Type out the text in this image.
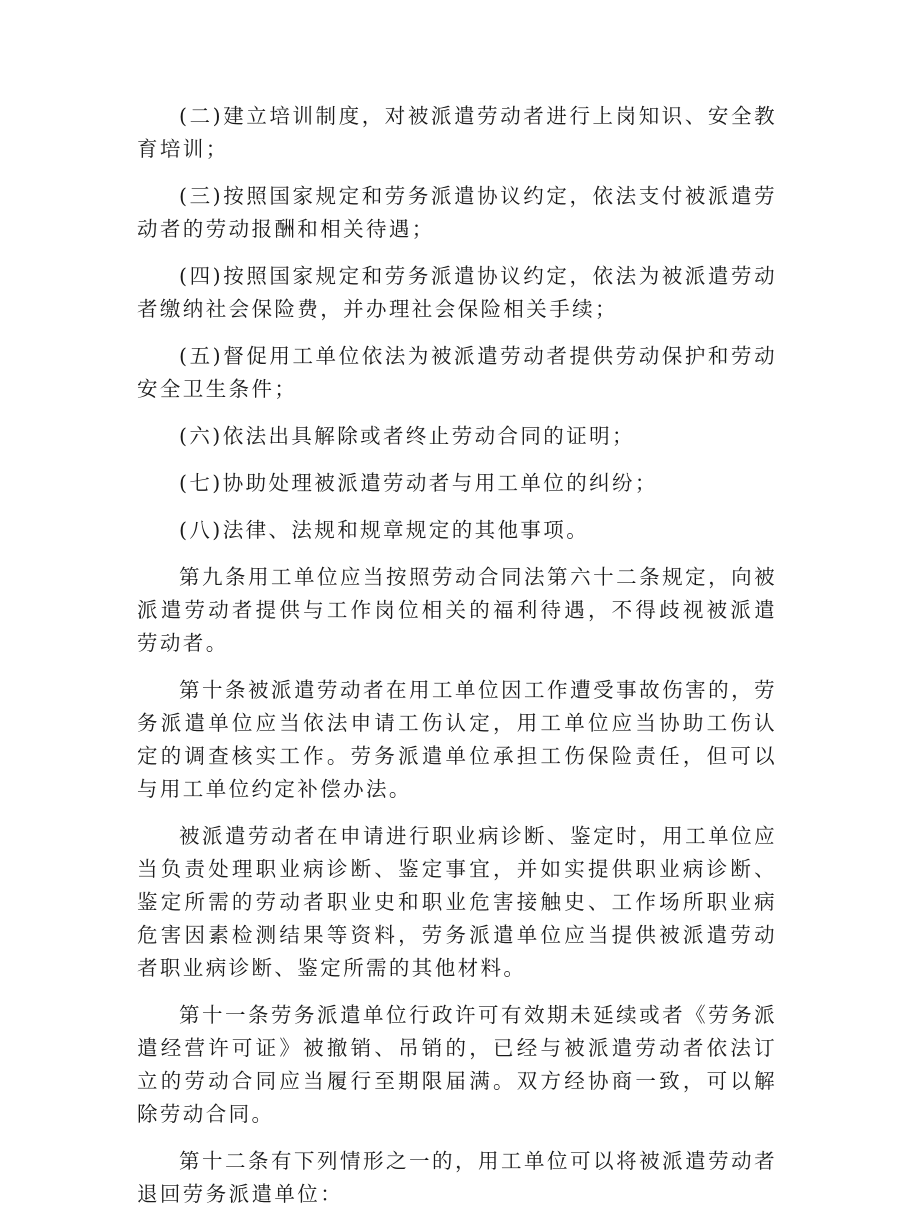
(二)建立培训制度，对被派遣劳动者进行上岗知识、安全教育培训；

(三)按照国家规定和劳务派遣协议约定，依法支付被派遣劳动者的劳动报酬和相关待遇；

(四)按照国家规定和劳务派遣协议约定，依法为被派遣劳动者缴纳社会保险费，并办理社会保险相关手续；

(五)督促用工单位依法为被派遣劳动者提供劳动保护和劳动安全卫生条件；

(六)依法出具解除或者终止劳动合同的证明；

(七)协助处理被派遣劳动者与用工单位的纠纷；

(八)法律、法规和规章规定的其他事项。

第九条用工单位应当按照劳动合同法第六十二条规定，向被派遣劳动者提供与工作岗位相关的福利待遇，不得歧视被派遣劳动者。

第十条被派遣劳动者在用工单位因工作遭受事故伤害的，劳务派遣单位应当依法申请工伤认定，用工单位应当协助工伤认定的调查核实工作。劳务派遣单位承担工伤保险责任，但可以与用工单位约定补偿办法。

被派遣劳动者在申请进行职业病诊断、鉴定时，用工单位应当负责处理职业病诊断、鉴定事宜，并如实提供职业病诊断、鉴定所需的劳动者职业史和职业危害接触史、工作场所职业病危害因素检测结果等资料，劳务派遣单位应当提供被派遣劳动者职业病诊断、鉴定所需的其他材料。

第十一条劳务派遣单位行政许可有效期未延续或者《劳务派遣经营许可证》被撤销、吊销的，已经与被派遣劳动者依法订立的劳动合同应当履行至期限届满。双方经协商一致，可以解除劳动合同。

第十二条有下列情形之一的，用工单位可以将被派遣劳动者退回劳务派遣单位：
